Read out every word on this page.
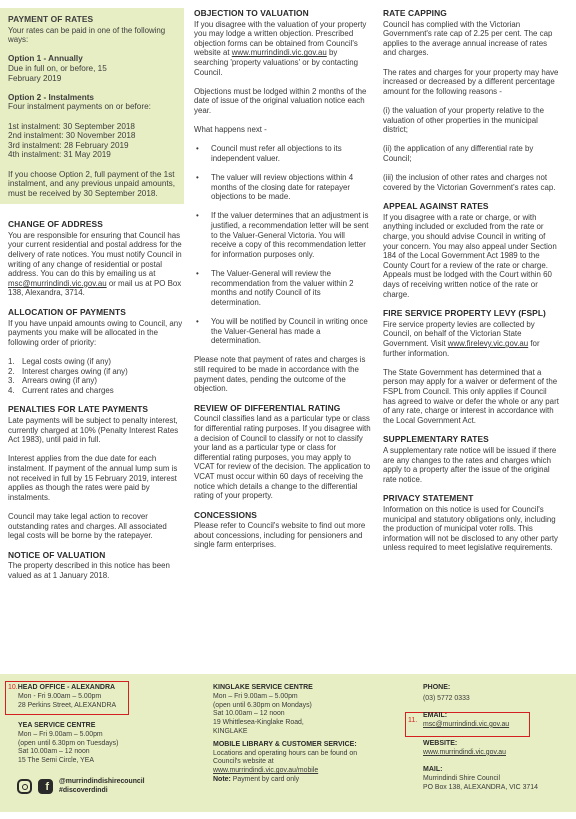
PAYMENT OF RATES

Your rates can be paid in one of the following ways:

Option 1 - Annually

Due in full on, or before, 15 February 2019

Option 2 - Instalments

Four instalment payments on or before:

1st instalment: 30 September 2018

2nd instalment: 30 November 2018

3rd instalment: 28 February 2019

4th instalment: 31 May 2019

If you choose Option 2, full payment of the 1st instalment, and any previous unpaid amounts, must be received by 30 September 2018.

CHANGE OF ADDRESS

You are responsible for ensuring that Council has your current residential and postal address for the delivery of rate notices. You must notify Council in writing of any change of residential or postal address. You can do this by emailing us at msc@murrindindi.vic.gov.au or mail us at PO Box 138, Alexandra, 3714.

ALLOCATION OF PAYMENTS

If you have unpaid amounts owing to Council, any payments you make will be allocated in the following order of priority:

1. Legal costs owing (if any)
2. Interest charges owing (if any)
3. Arrears owing (if any)
4. Current rates and charges
PENALTIES FOR LATE PAYMENTS

Late payments will be subject to penalty interest, currently charged at 10% (Penalty Interest Rates Act 1983), until paid in full.

Interest applies from the due date for each instalment. If payment of the annual lump sum is not received in full by 15 February 2019, interest applies as though the rates were paid by instalments.

Council may take legal action to recover outstanding rates and charges. All associated legal costs will be borne by the ratepayer.

NOTICE OF VALUATION

The property described in this notice has been valued as at 1 January 2018.

OBJECTION TO VALUATION

If you disagree with the valuation of your property you may lodge a written objection. Prescribed objection forms can be obtained from Council's website at www.murrindindi.vic.gov.au by searching 'property valuations' or by contacting Council.

Objections must be lodged within 2 months of the date of issue of the original valuation notice each year.

What happens next -

• Council must refer all objections to its independent valuer.
• The valuer will review objections within 4 months of the closing date for ratepayer objections to be made.
• If the valuer determines that an adjustment is justified, a recommendation letter will be sent to the Valuer-General Victoria. You will receive a copy of this recommendation letter for information purposes only.
• The Valuer-General will review the recommendation from the valuer within 2 months and notify Council of its determination.
• You will be notified by Council in writing once the Valuer-General has made a determination.

Please note that payment of rates and charges is still required to be made in accordance with the payment dates, pending the outcome of the objection.

REVIEW OF DIFFERENTIAL RATING

Council classifies land as a particular type or class for differential rating purposes. If you disagree with a decision of Council to classify or not to classify your land as a particular type or class for differential rating purposes, you may apply to VCAT for review of the decision. The application to VCAT must occur within 60 days of receiving the notice which details a change to the differential rating of your property.

CONCESSIONS

Please refer to Council's website to find out more about concessions, including for pensioners and single farm enterprises.

RATE CAPPING

Council has complied with the Victorian Government's rate cap of 2.25 per cent. The cap applies to the average annual increase of rates and charges.

The rates and charges for your property may have increased or decreased by a different percentage amount for the following reasons -

(i) the valuation of your property relative to the valuation of other properties in the municipal district;

(ii) the application of any differential rate by Council;

(iii) the inclusion of other rates and charges not covered by the Victorian Government's rates cap.

APPEAL AGAINST RATES

If you disagree with a rate or charge, or with anything included or excluded from the rate or charge, you should advise Council in writing of your concern. You may also appeal under Section 184 of the Local Government Act 1989 to the County Court for a review of the rate or charge. Appeals must be lodged with the Court within 60 days of receiving written notice of the rate or charge.

FIRE SERVICE PROPERTY LEVY (FSPL)

Fire service property levies are collected by Council, on behalf of the Victorian State Government. Visit www.firelevy.vic.gov.au for further information.

The State Government has determined that a person may apply for a waiver or deferment of the FSPL from Council. This only applies if Council has agreed to waive or defer the whole or any part of any rate, charge or interest in accordance with the Local Government Act.

SUPPLEMENTARY RATES

A supplementary rate notice will be issued if there are any changes to the rates and charges which apply to a property after the issue of the original rate notice.

PRIVACY STATEMENT

Information on this notice is used for Council's municipal and statutory obligations only, including the production of municipal voter rolls. This information will not be disclosed to any other party unless required to meet legislative requirements.

10.HEAD OFFICE - ALEXANDRA
Mon - Fri 9.00am – 5.00pm
28 Perkins Street, ALEXANDRA
YEA SERVICE CENTRE
Mon – Fri 9.00am – 5.00pm
(open until 6.30pm on Tuesdays)
Sat 10.00am – 12 noon
15 The Semi Circle, YEA
f	@murrindindishirecouncil
#discoverdindi
KINGLAKE SERVICE CENTRE
Mon – Fri 9.00am – 5.00pm
(open until 6.30pm on Mondays)
Sat 10.00am – 12 noon
19 Whittlesea-Kinglake Road,
KINGLAKE
MOBILE LIBRARY & CUSTOMER SERVICE:
Locations and operating hours can be found on
Council's website at
www.murrindindi.vic.gov.au/mobile
Note: Payment by card only
PHONE:
(03) 5772 0333
EMAIL:
msc@murrindindi.vic.gov.au
11.
WEBSITE:
www.murrindindi.vic.gov.au
MAIL:
Murrindindi Shire Council
PO Box 138, ALEXANDRA, VIC 3714
